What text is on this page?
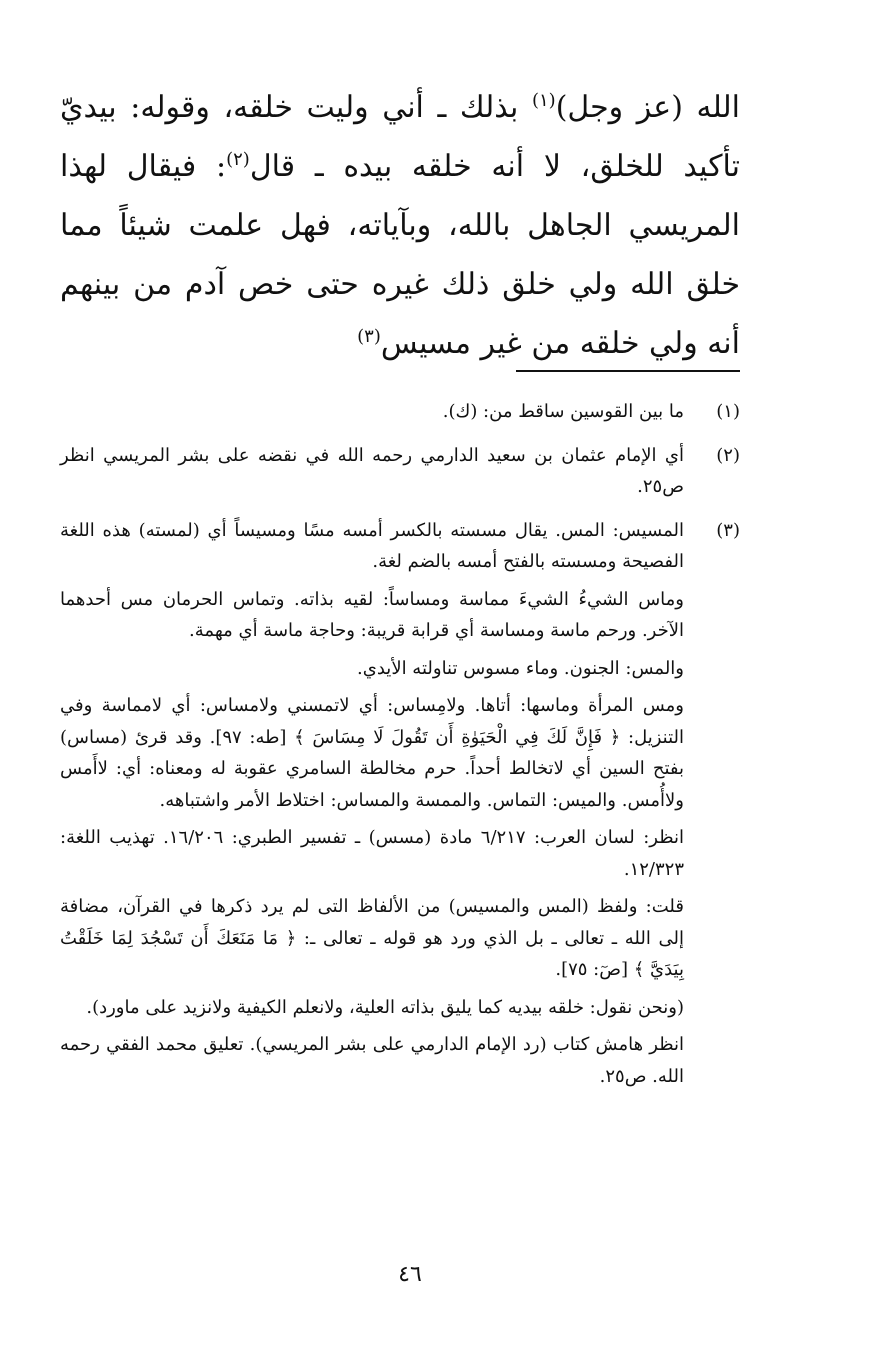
الله (عز وجل)$^{(١)}$ بذلك ـ أني وليت خلقه، وقوله: بيديّ تأكيد للخلق، لا أنه خلقه بيده ـ قال$^{(٢)}$: فيقال لهذا المريسي الجاهل بالله، وبآياته، فهل علمت شيئاً مما خلق الله ولي خلق ذلك غيره حتى خص آدم من بينهم أنه ولي خلقه من غير مسيس$^{(٣)}$

(١)

ما بين القوسين ساقط من: (ك).

(٢)

أي الإمام عثمان بن سعيد الدارمي رحمه الله في نقضه على بشر المريسي انظر ص٢٥.

(٣)

المسيس: المس. يقال مسسته بالكسر أمسه مسًا ومسيساً أي (لمسته) هذه اللغة الفصيحة ومسسته بالفتح أمسه بالضم لغة.

وماس الشيءُ الشيءَ مماسة ومساساً: لقيه بذاته. وتماس الحرمان مس أحدهما الآخر. ورحم ماسة ومساسة أي قرابة قريبة: وحاجة ماسة أي مهمة.

والمس: الجنون. وماء مسوس تناولته الأيدي.

ومس المرأة وماسها: أتاها. ولامِساس: أي لاتمسني ولامساس: أي لامماسة وفي التنزيل: ﴿ فَإِنَّ لَكَ فِي الْحَيَوٰةِ أَن تَقُولَ لَا مِسَاسَ ﴾ [طه: ٩٧]. وقد قرئ (مساس) بفتح السين أي لاتخالط أحداً. حرم مخالطة السامري عقوبة له ومعناه: أي: لاأَمس ولاأُمس. والميس: التماس. والممسة والمساس: اختلاط الأمر واشتباهه.

انظر: لسان العرب: ٦/٢١٧ مادة (مسس) ـ تفسير الطبري: ١٦/٢٠٦. تهذيب اللغة: ١٢/٣٢٣.

قلت: ولفظ (المس والمسيس) من الألفاظ التى لم يرد ذكرها في القرآن، مضافة إلى الله ـ تعالى ـ بل الذي ورد هو قوله ـ تعالى ـ: ﴿ مَا مَنَعَكَ أَن تَسْجُدَ لِمَا خَلَقْتُ بِيَدَيَّ ﴾ [صٓ: ٧٥].

(ونحن نقول: خلقه بيديه كما يليق بذاته العلية، ولانعلم الكيفية ولانزيد على ماورد).

انظر هامش كتاب (رد الإمام الدارمي على بشر المريسي). تعليق محمد الفقي رحمه الله. ص٢٥.

٤٦
